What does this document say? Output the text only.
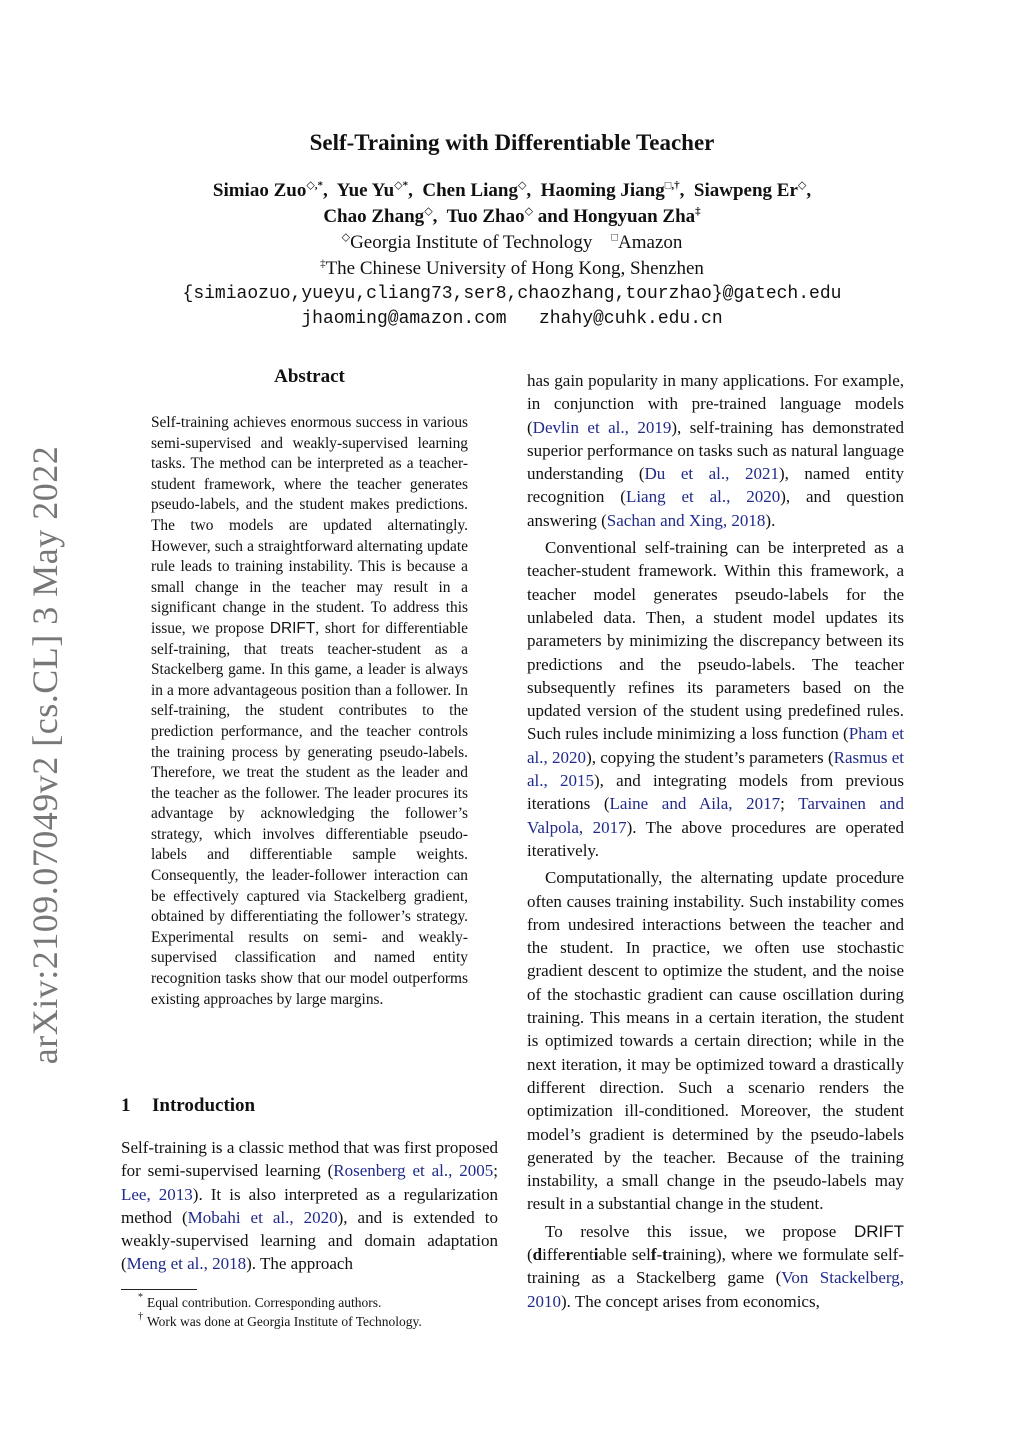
arXiv:2109.07049v2 [cs.CL] 3 May 2022
Self-Training with Differentiable Teacher
Simiao Zuo◇,*,  Yue Yu◇*,  Chen Liang◇,  Haoming Jiang□,†,  Siawpeng Er◇,
Chao Zhang◇,  Tuo Zhao◇ and Hongyuan Zha‡
◇Georgia Institute of Technology □Amazon
‡The Chinese University of Hong Kong, Shenzhen
{simiaozuo,yueyu,cliang73,ser8,chaozhang,tourzhao}@gatech.edu
jhaoming@amazon.com zhahy@cuhk.edu.cn
Abstract
Self-training achieves enormous success in various semi-supervised and weakly-supervised learning tasks. The method can be interpreted as a teacher-student framework, where the teacher generates pseudo-labels, and the student makes predictions. The two models are updated alternatingly. However, such a straightforward alternating update rule leads to training instability. This is because a small change in the teacher may result in a significant change in the student. To address this issue, we propose DRIFT, short for differentiable self-training, that treats teacher-student as a Stackelberg game. In this game, a leader is always in a more advantageous position than a follower. In self-training, the student contributes to the prediction performance, and the teacher controls the training process by generating pseudo-labels. Therefore, we treat the student as the leader and the teacher as the follower. The leader procures its advantage by acknowledging the follower’s strategy, which involves differentiable pseudo-labels and differentiable sample weights. Consequently, the leader-follower interaction can be effectively captured via Stackelberg gradient, obtained by differentiating the follower’s strategy. Experimental results on semi- and weakly-supervised classification and named entity recognition tasks show that our model outperforms existing approaches by large margins.
1 Introduction
Self-training is a classic method that was first proposed for semi-supervised learning (Rosenberg et al., 2005; Lee, 2013). It is also interpreted as a regularization method (Mobahi et al., 2020), and is extended to weakly-supervised learning and domain adaptation (Meng et al., 2018). The approach
* Equal contribution. Corresponding authors.
† Work was done at Georgia Institute of Technology.

has gain popularity in many applications. For example, in conjunction with pre-trained language models (Devlin et al., 2019), self-training has demonstrated superior performance on tasks such as natural language understanding (Du et al., 2021), named entity recognition (Liang et al., 2020), and question answering (Sachan and Xing, 2018).

Conventional self-training can be interpreted as a teacher-student framework. Within this framework, a teacher model generates pseudo-labels for the unlabeled data. Then, a student model updates its parameters by minimizing the discrepancy between its predictions and the pseudo-labels. The teacher subsequently refines its parameters based on the updated version of the student using predefined rules. Such rules include minimizing a loss function (Pham et al., 2020), copying the student’s parameters (Rasmus et al., 2015), and integrating models from previous iterations (Laine and Aila, 2017; Tarvainen and Valpola, 2017). The above procedures are operated iteratively.

Computationally, the alternating update procedure often causes training instability. Such instability comes from undesired interactions between the teacher and the student. In practice, we often use stochastic gradient descent to optimize the student, and the noise of the stochastic gradient can cause oscillation during training. This means in a certain iteration, the student is optimized towards a certain direction; while in the next iteration, it may be optimized toward a drastically different direction. Such a scenario renders the optimization ill-conditioned. Moreover, the student model’s gradient is determined by the pseudo-labels generated by the teacher. Because of the training instability, a small change in the pseudo-labels may result in a substantial change in the student.

To resolve this issue, we propose DRIFT (differentiable self-training), where we formulate self-training as a Stackelberg game (Von Stackelberg, 2010). The concept arises from economics,
